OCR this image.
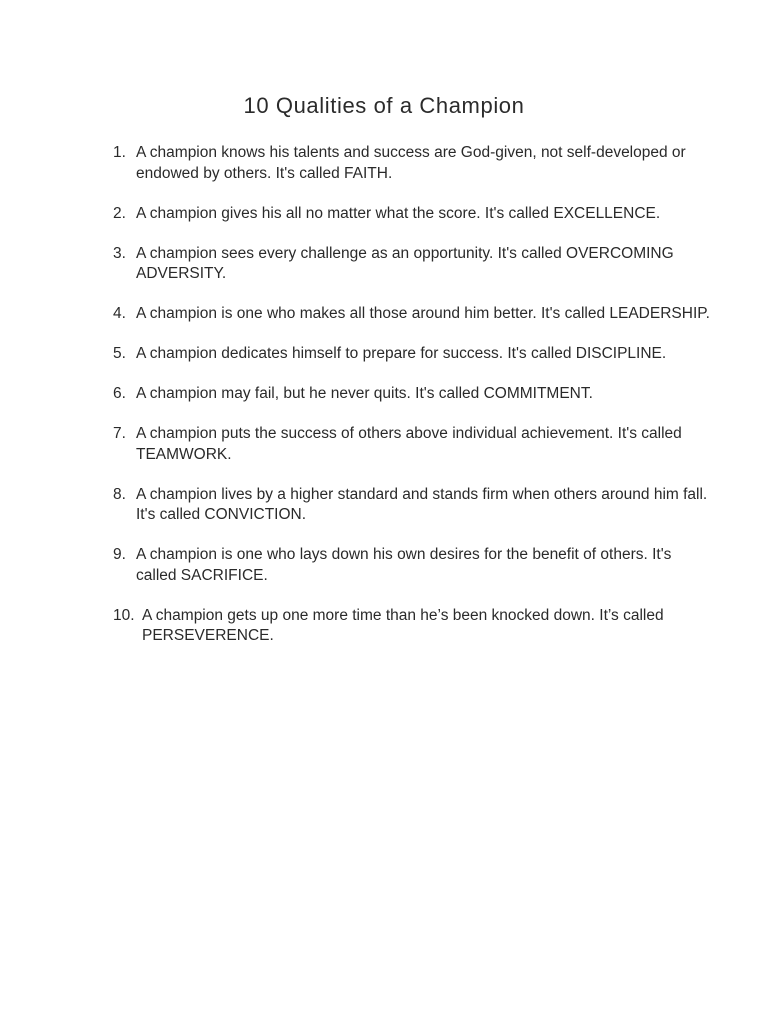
10 Qualities of a Champion
1. A champion knows his talents and success are God-given, not self-developed or endowed by others. It's called FAITH.
2. A champion gives his all no matter what the score. It's called EXCELLENCE.
3. A champion sees every challenge as an opportunity. It's called OVERCOMING ADVERSITY.
4. A champion is one who makes all those around him better. It's called LEADERSHIP.
5. A champion dedicates himself to prepare for success. It's called DISCIPLINE.
6. A champion may fail, but he never quits. It's called COMMITMENT.
7. A champion puts the success of others above individual achievement. It's called TEAMWORK.
8. A champion lives by a higher standard and stands firm when others around him fall. It's called CONVICTION.
9. A champion is one who lays down his own desires for the benefit of others. It's called SACRIFICE.
10. A champion gets up one more time than he’s been knocked down. It’s called PERSEVERENCE.
